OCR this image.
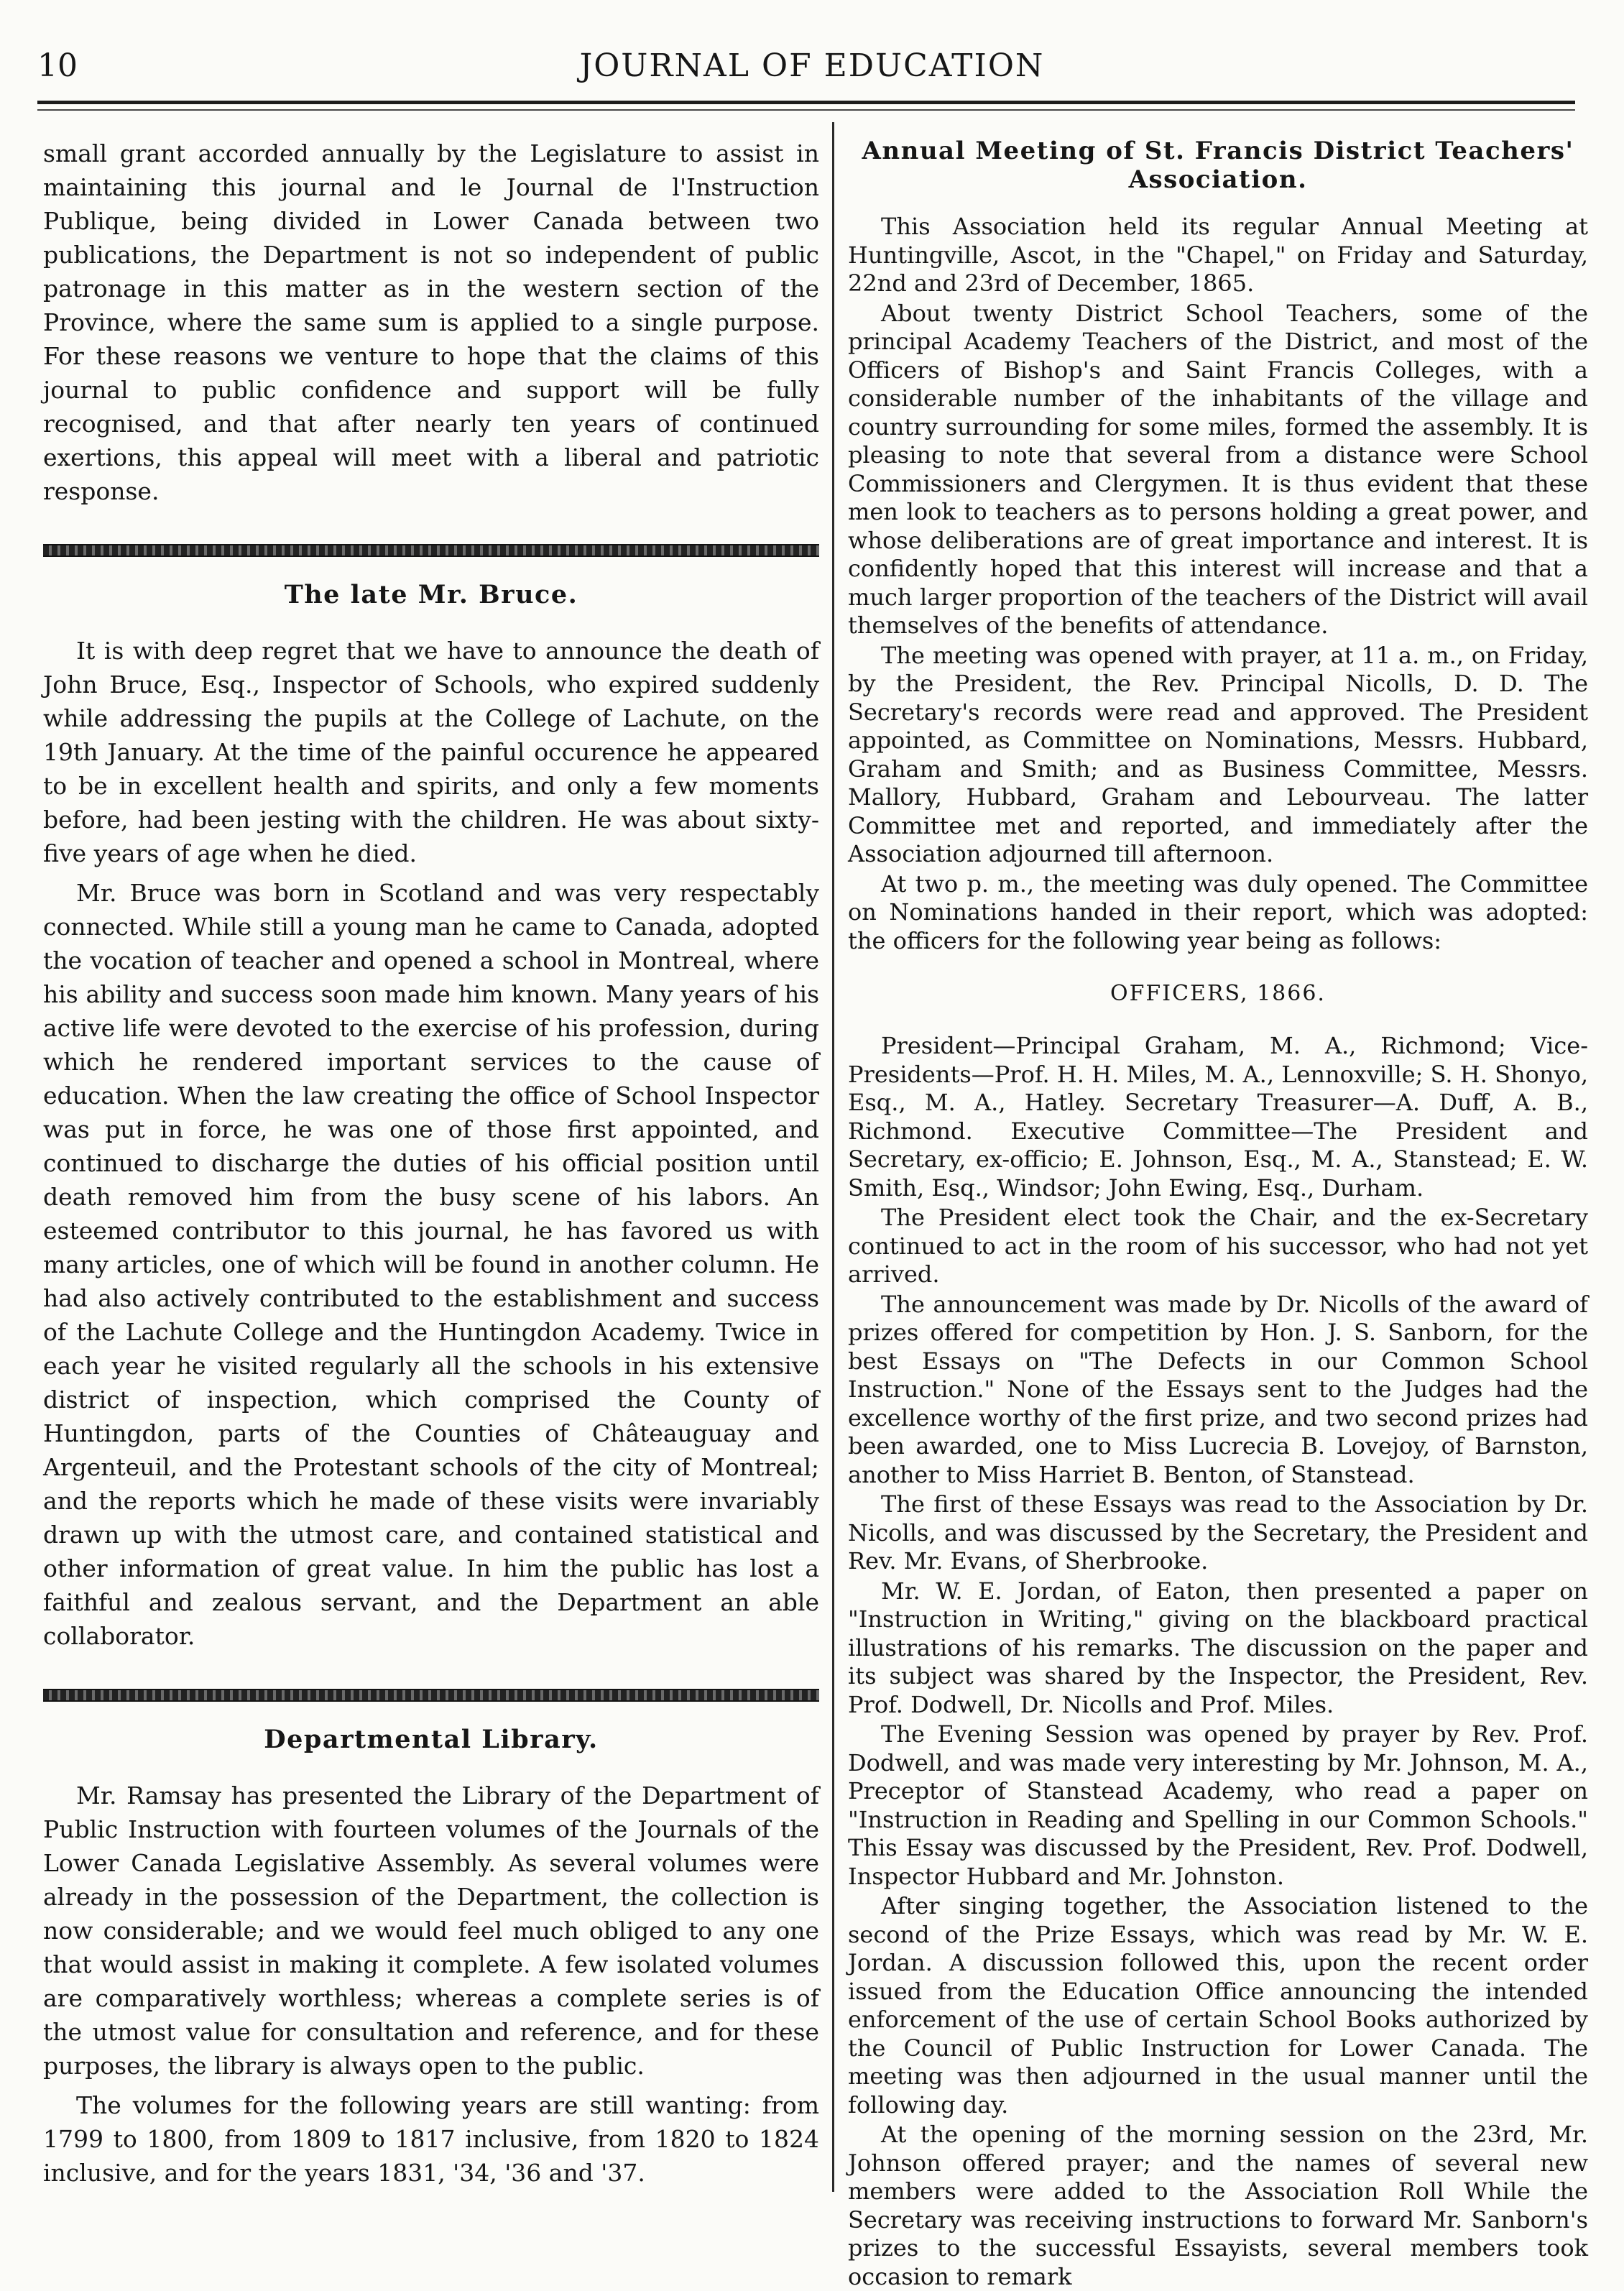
10	JOURNAL OF EDUCATION

small grant accorded annually by the Legislature to assist in maintaining this journal and le Journal de l'Instruction Publique, being divided in Lower Canada between two publications, the Department is not so independent of public patronage in this matter as in the western section of the Province, where the same sum is applied to a single purpose. For these reasons we venture to hope that the claims of this journal to public confidence and support will be fully recognised, and that after nearly ten years of continued exertions, this appeal will meet with a liberal and patriotic response.

The late Mr. Bruce.

It is with deep regret that we have to announce the death of John Bruce, Esq., Inspector of Schools, who expired suddenly while addressing the pupils at the College of Lachute, on the 19th January. At the time of the painful occurence he appeared to be in excellent health and spirits, and only a few moments before, had been jesting with the children. He was about sixty-five years of age when he died.

Mr. Bruce was born in Scotland and was very respectably connected. While still a young man he came to Canada, adopted the vocation of teacher and opened a school in Montreal, where his ability and success soon made him known. Many years of his active life were devoted to the exercise of his profession, during which he rendered important services to the cause of education. When the law creating the office of School Inspector was put in force, he was one of those first appointed, and continued to discharge the duties of his official position until death removed him from the busy scene of his labors. An esteemed contributor to this journal, he has favored us with many articles, one of which will be found in another column. He had also actively contributed to the establishment and success of the Lachute College and the Huntingdon Academy. Twice in each year he visited regularly all the schools in his extensive district of inspection, which comprised the County of Huntingdon, parts of the Counties of Châteauguay and Argenteuil, and the Protestant schools of the city of Montreal; and the reports which he made of these visits were invariably drawn up with the utmost care, and contained statistical and other information of great value. In him the public has lost a faithful and zealous servant, and the Department an able collaborator.

Departmental Library.

Mr. Ramsay has presented the Library of the Department of Public Instruction with fourteen volumes of the Journals of the Lower Canada Legislative Assembly. As several volumes were already in the possession of the Department, the collection is now considerable; and we would feel much obliged to any one that would assist in making it complete. A few isolated volumes are comparatively worthless; whereas a complete series is of the utmost value for consultation and reference, and for these purposes, the library is always open to the public.

The volumes for the following years are still wanting: from 1799 to 1800, from 1809 to 1817 inclusive, from 1820 to 1824 inclusive, and for the years 1831, '34, '36 and '37.

Annual Meeting of St. Francis District Teachers' Association.

This Association held its regular Annual Meeting at Huntingville, Ascot, in the "Chapel," on Friday and Saturday, 22nd and 23rd of December, 1865.

About twenty District School Teachers, some of the principal Academy Teachers of the District, and most of the Officers of Bishop's and Saint Francis Colleges, with a considerable number of the inhabitants of the village and country surrounding for some miles, formed the assembly. It is pleasing to note that several from a distance were School Commissioners and Clergymen. It is thus evident that these men look to teachers as to persons holding a great power, and whose deliberations are of great importance and interest. It is confidently hoped that this interest will increase and that a much larger proportion of the teachers of the District will avail themselves of the benefits of attendance.

The meeting was opened with prayer, at 11 a. m., on Friday, by the President, the Rev. Principal Nicolls, D. D. The Secretary's records were read and approved. The President appointed, as Committee on Nominations, Messrs. Hubbard, Graham and Smith; and as Business Committee, Messrs. Mallory, Hubbard, Graham and Lebourveau. The latter Committee met and reported, and immediately after the Association adjourned till afternoon.

At two p. m., the meeting was duly opened. The Committee on Nominations handed in their report, which was adopted: the officers for the following year being as follows:

OFFICERS, 1866.

President—Principal Graham, M. A., Richmond; Vice-Presidents—Prof. H. H. Miles, M. A., Lennoxville; S. H. Shonyo, Esq., M. A., Hatley. Secretary Treasurer—A. Duff, A. B., Richmond. Executive Committee—The President and Secretary, ex-officio; E. Johnson, Esq., M. A., Stanstead; E. W. Smith, Esq., Windsor; John Ewing, Esq., Durham.

The President elect took the Chair, and the ex-Secretary continued to act in the room of his successor, who had not yet arrived.

The announcement was made by Dr. Nicolls of the award of prizes offered for competition by Hon. J. S. Sanborn, for the best Essays on "The Defects in our Common School Instruction." None of the Essays sent to the Judges had the excellence worthy of the first prize, and two second prizes had been awarded, one to Miss Lucrecia B. Lovejoy, of Barnston, another to Miss Harriet B. Benton, of Stanstead.

The first of these Essays was read to the Association by Dr. Nicolls, and was discussed by the Secretary, the President and Rev. Mr. Evans, of Sherbrooke.

Mr. W. E. Jordan, of Eaton, then presented a paper on "Instruction in Writing," giving on the blackboard practical illustrations of his remarks. The discussion on the paper and its subject was shared by the Inspector, the President, Rev. Prof. Dodwell, Dr. Nicolls and Prof. Miles.

The Evening Session was opened by prayer by Rev. Prof. Dodwell, and was made very interesting by Mr. Johnson, M. A., Preceptor of Stanstead Academy, who read a paper on "Instruction in Reading and Spelling in our Common Schools." This Essay was discussed by the President, Rev. Prof. Dodwell, Inspector Hubbard and Mr. Johnston.

After singing together, the Association listened to the second of the Prize Essays, which was read by Mr. W. E. Jordan. A discussion followed this, upon the recent order issued from the Education Office announcing the intended enforcement of the use of certain School Books authorized by the Council of Public Instruction for Lower Canada. The meeting was then adjourned in the usual manner until the following day.

At the opening of the morning session on the 23rd, Mr. Johnson offered prayer; and the names of several new members were added to the Association Roll While the Secretary was receiving instructions to forward Mr. Sanborn's prizes to the successful Essayists, several members took occasion to remark
